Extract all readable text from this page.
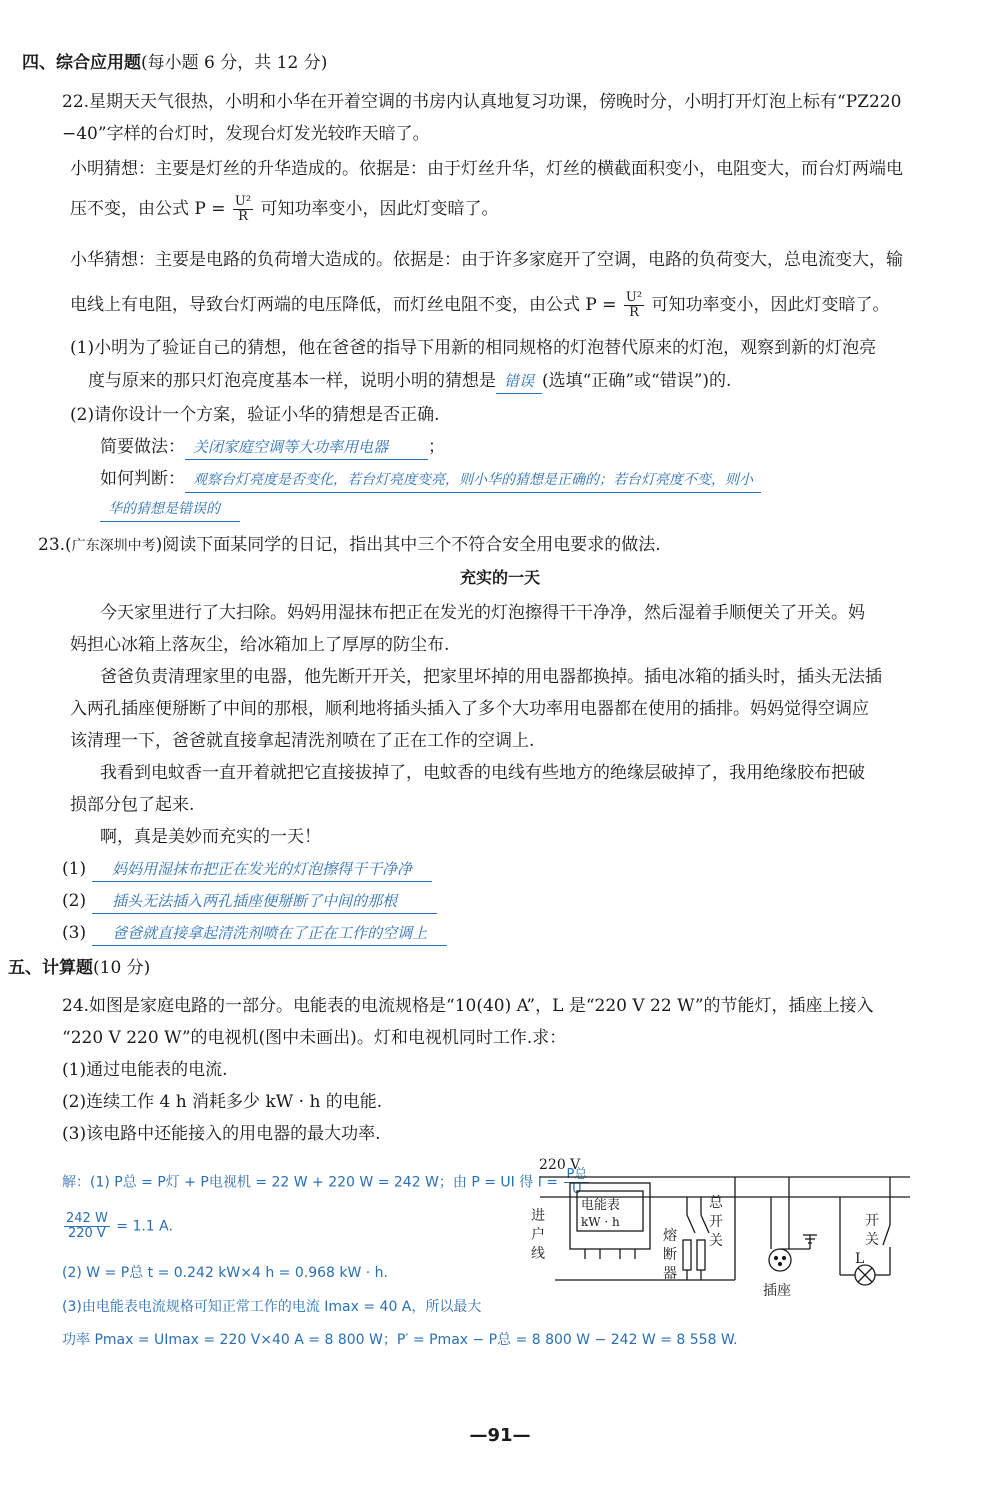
四、综合应用题(每小题 6 分，共 12 分)
22.星期天天气很热，小明和小华在开着空调的书房内认真地复习功课，傍晚时分，小明打开灯泡上标有“PZ220
−40”字样的台灯时，发现台灯发光较昨天暗了。
小明猜想：主要是灯丝的升华造成的。依据是：由于灯丝升华，灯丝的横截面积变小，电阻变大，而台灯两端电
压不变，由公式 $P = \frac{\text{U²}}{R}$ 可知功率变小，因此灯变暗了。
小华猜想：主要是电路的负荷增大造成的。依据是：由于许多家庭开了空调，电路的负荷变大，总电流变大，输
电线上有电阻，导致台灯两端的电压降低，而灯丝电阻不变，由公式 $P = \frac{\text{U²}}{R}$ 可知功率变小，因此灯变暗了。
(1)小明为了验证自己的猜想，他在爸爸的指导下用新的相同规格的灯泡替代原来的灯泡，观察到新的灯泡亮
度与原来的那只灯泡亮度基本一样，说明小明的猜想是 错误 (选填“正确”或“错误”)的.
(2)请你设计一个方案，验证小华的猜想是否正确.
简要做法： 关闭家庭空调等大功率用电器 ；
如何判断： 观察台灯亮度是否变化，若台灯亮度变亮，则小华的猜想是正确的；若台灯亮度不变，则小
华的猜想是错误的
23.(广东深圳中考)阅读下面某同学的日记，指出其中三个不符合安全用电要求的做法.
充实的一天
今天家里进行了大扫除。妈妈用湿抹布把正在发光的灯泡擦得干干净净，然后湿着手顺便关了开关。妈
妈担心冰箱上落灰尘，给冰箱加上了厚厚的防尘布.
爸爸负责清理家里的电器，他先断开开关，把家里坏掉的用电器都换掉。插电冰箱的插头时，插头无法插
入两孔插座便掰断了中间的那根，顺利地将插头插入了多个大功率用电器都在使用的插排。妈妈觉得空调应
该清理一下，爸爸就直接拿起清洗剂喷在了正在工作的空调上.
我看到电蚊香一直开着就把它直接拔掉了，电蚊香的电线有些地方的绝缘层破掉了，我用绝缘胶布把破
损部分包了起来.
啊，真是美妙而充实的一天！
(1) 妈妈用湿抹布把正在发光的灯泡擦得干干净净
(2) 插头无法插入两孔插座便掰断了中间的那根
(3) 爸爸就直接拿起清洗剂喷在了正在工作的空调上
五、计算题(10 分)
24.如图是家庭电路的一部分。电能表的电流规格是“10(40) A”，L 是“220 V 22 W”的节能灯，插座上接入
“220 V 220 W”的电视机(图中未画出)。灯和电视机同时工作.求：
(1)通过电能表的电流.
(2)连续工作 4 h 消耗多少 kW · h 的电能.
(3)该电路中还能接入的用电器的最大功率.
解：(1) P总 = P灯 + P电视机 = 22 W + 220 W = 242 W；由 P = UI 得 $I = \frac{\text{P总}}{U}$
$\frac{242 W}{220 V} = 1.1$ A.
(2) W = P总 t = 0.242 kW×4 h = 0.968 kW · h.
(3)由电能表电流规格可知正常工作的电流 Imax = 40 A，所以最大
功率 Pmax = UImax = 220 V×40 A = 8 800 W；P′ = Pmax − P总 = 8 800 W − 242 W = 8 558 W.
220 V
进
户
线
电能表
kW · h
熔
断
器
总
开
关
插座
开
关
L
—91—
